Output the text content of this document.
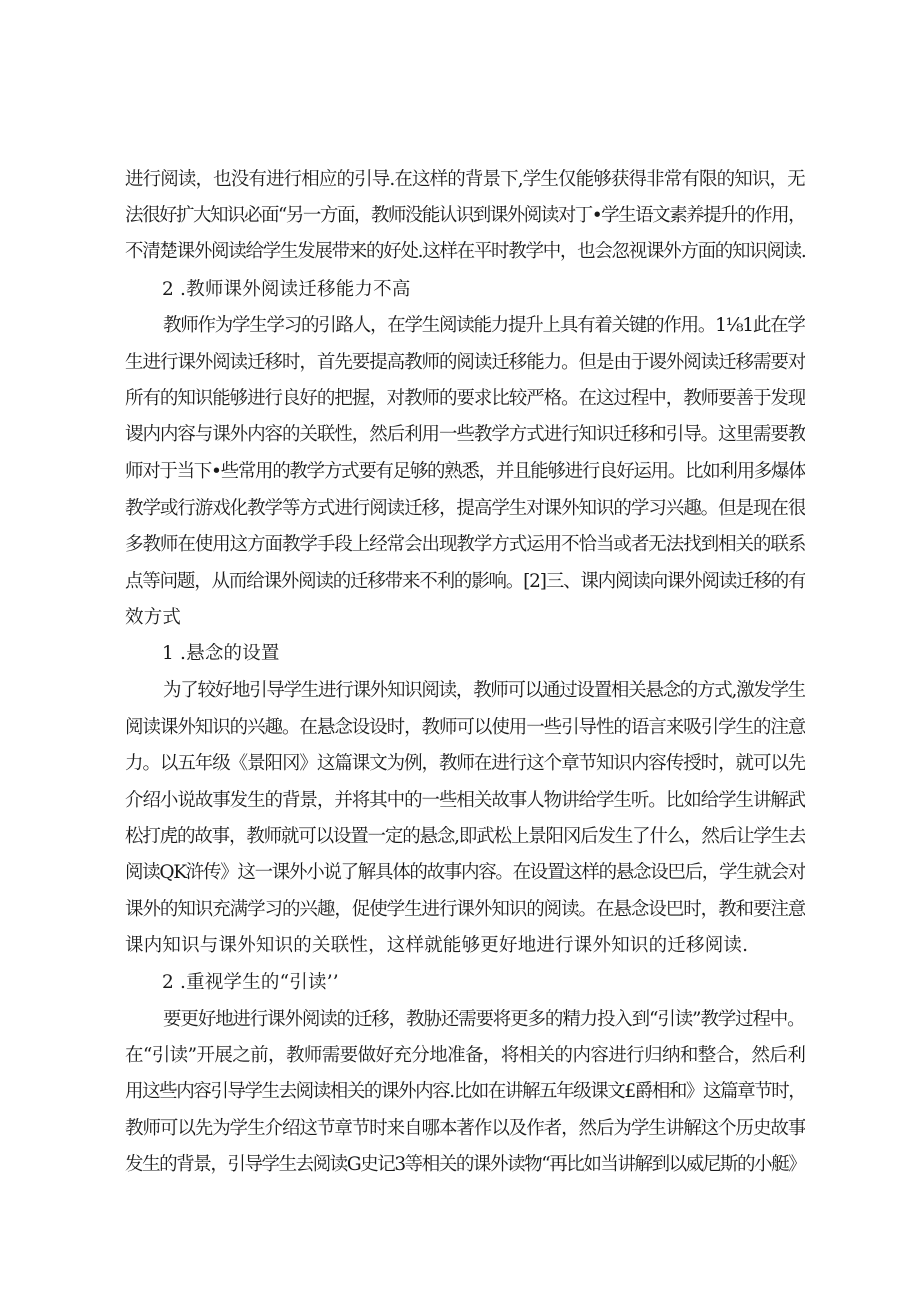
进行阅读，也没有进行相应的引导.在这样的背景下,学生仅能够获得非常有限的知识，无
法很好扩大知识必面“另一方面，教师没能认识到课外阅读对丁•学生语文素养提升的作用，
不清楚课外阅读给学生发展带来的好处.这样在平时教学中，也会忽视课外方面的知识阅读.
2 .教师课外阅读迁移能力不高
教师作为学生学习的引路人，在学生阅读能力提升上具有着关键的作用。1⅛1此在学
生进行课外阅读迁移时，首先要提高教师的阅读迁移能力。但是由于谡外阅读迁移需要对
所有的知识能够进行良好的把握，对教师的要求比较严格。在这过程中，教师要善于发现
谡内内容与课外内容的关联性，然后利用一些教学方式进行知识迁移和引导。这里需要教
师对于当下•些常用的教学方式要有足够的熟悉，并且能够进行良好运用。比如利用多爆体
教学或行游戏化教学等方式进行阅读迁移，提高学生对课外知识的学习兴趣。但是现在很
多教师在使用这方面教学手段上经常会出现教学方式运用不恰当或者无法找到相关的联系
点等问题，从而给课外阅读的迁移带来不利的影响。[2]三、课内阅读向课外阅读迁移的有
效方式
1 .悬念的设置
为了较好地引导学生进行课外知识阅读，教师可以通过设置相关悬念的方式,激发学生
阅读课外知识的兴趣。在悬念设设时，教师可以使用一些引导性的语言来吸引学生的注意
力。以五年级《景阳冈》这篇课文为例，教师在进行这个章节知识内容传授时，就可以先
介绍小说故事发生的背景，并将其中的一些相关故事人物讲给学生听。比如给学生讲解武
松打虎的故事，教师就可以设置一定的悬念,即武松上景阳冈后发生了什么，然后让学生去
阅读QK浒传》这一课外小说了解具体的故事内容。在设置这样的悬念设巴后，学生就会对
课外的知识充满学习的兴趣，促使学生进行课外知识的阅读。在悬念设巴时，教和要注意
课内知识与课外知识的关联性，这样就能够更好地进行课外知识的迁移阅读.
2 .重视学生的“引读’’
要更好地进行课外阅读的迁移，教胁还需要将更多的精力投入到“引读”教学过程中。
在“引读”开展之前，教师需要做好充分地准备，将相关的内容进行归纳和整合，然后利
用这些内容引导学生去阅读相关的课外内容.比如在讲解五年级课文£爵相和》这篇章节时，
教师可以先为学生介绍这节章节时来自哪本著作以及作者，然后为学生讲解这个历史故事
发生的背景，引导学生去阅读G史记3等相关的课外读物“再比如当讲解到以威尼斯的小艇》
